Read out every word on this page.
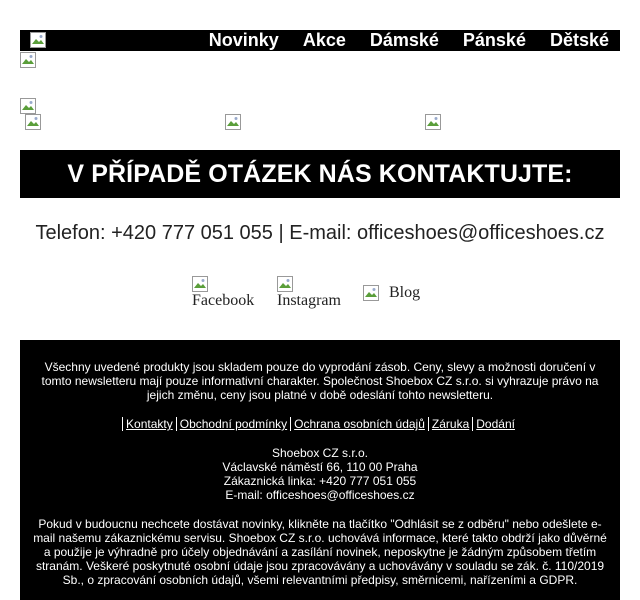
Novinky	Akce	Dámské	Pánské	Dětské
V PŘÍPADĚ OTÁZEK NÁS KONTAKTUJTE:
Telefon: +420 777 051 055 | E-mail: officeshoes@officeshoes.cz
Facebook Instagram	Blog

Všechny uvedené produkty jsou skladem pouze do vyprodání zásob. Ceny, slevy a možnosti doručení v tomto newsletteru mají pouze informativní charakter. Společnost Shoebox CZ s.r.o. si vyhrazuje právo na jejich změnu, ceny jsou platné v době odeslání tohto newsletteru.

Kontakty Obchodní podmínky Ochrana osobních údajů Záruka Dodání

Shoebox CZ s.r.o.

Václavské náměstí 66, 110 00 Praha

Zákaznická linka: +420 777 051 055

E-mail: officeshoes@officeshoes.cz

Pokud v budoucnu nechcete dostávat novinky, klikněte na tlačítko "Odhlásit se z odběru" nebo odešlete e-mail našemu zákaznickému servisu. Shoebox CZ s.r.o. uchovává informace, které takto obdrží jako důvěrné a použije je výhradně pro účely objednávání a zasílání novinek, neposkytne je žádným způsobem třetím stranám. Veškeré poskytnuté osobní údaje jsou zpracovávány a uchovávány v souladu se zák. č. 110/2019 Sb., o zpracování osobních údajů, všemi relevantními předpisy, směrnicemi, nařízeními a GDPR.
